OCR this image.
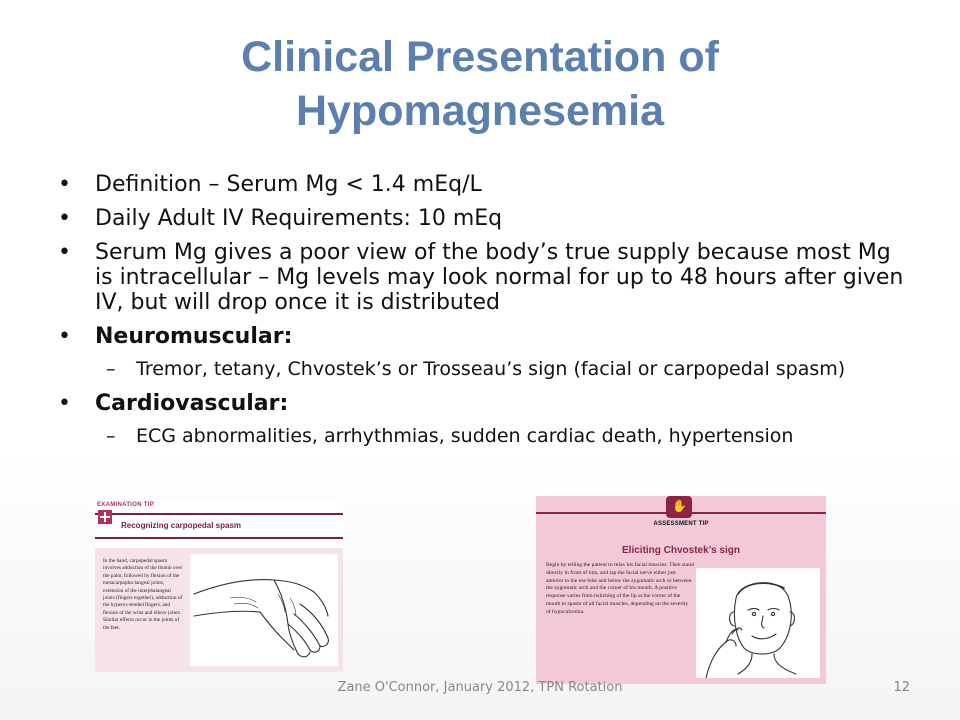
Clinical Presentation of
Hypomagnesemia
• Definition – Serum Mg < 1.4 mEq/L
• Daily Adult IV Requirements: 10 mEq
• Serum Mg gives a poor view of the body’s true supply because most Mg is intracellular – Mg levels may look normal for up to 48 hours after given IV, but will drop once it is distributed
• Neuromuscular:
– Tremor, tetany, Chvostek’s or Trosseau’s sign (facial or carpopedal spasm)
• Cardiovascular:
– ECG abnormalities, arrhythmias, sudden cardiac death, hypertension
EXAMINATION TIP
Recognizing carpopedal spasm
In the hand, carpopedal spasm involves adduction of the thumb over the palm, followed by flexion of the metacarpopha-langeal joints, extension of the interphalangeal joints (fingers together), adduction of the hyperex-tended fingers, and flexion of the wrist and elbow joints. Similar effects occur in the joints of the feet.
✋
ASSESSMENT TIP
Eliciting Chvostek’s sign
Begin by telling the patient to relax his facial muscles. Then stand directly in front of him, and tap the facial nerve either just anterior to the ear-lobe and below the zygomatic arch or between the zygomatic arch and the corner of his mouth. A positive response varies from twitching of the lip at the corner of the mouth to spasm of all facial muscles, depending on the severity of hypocalcemia.
Zane O'Connor, January 2012, TPN Rotation	12
